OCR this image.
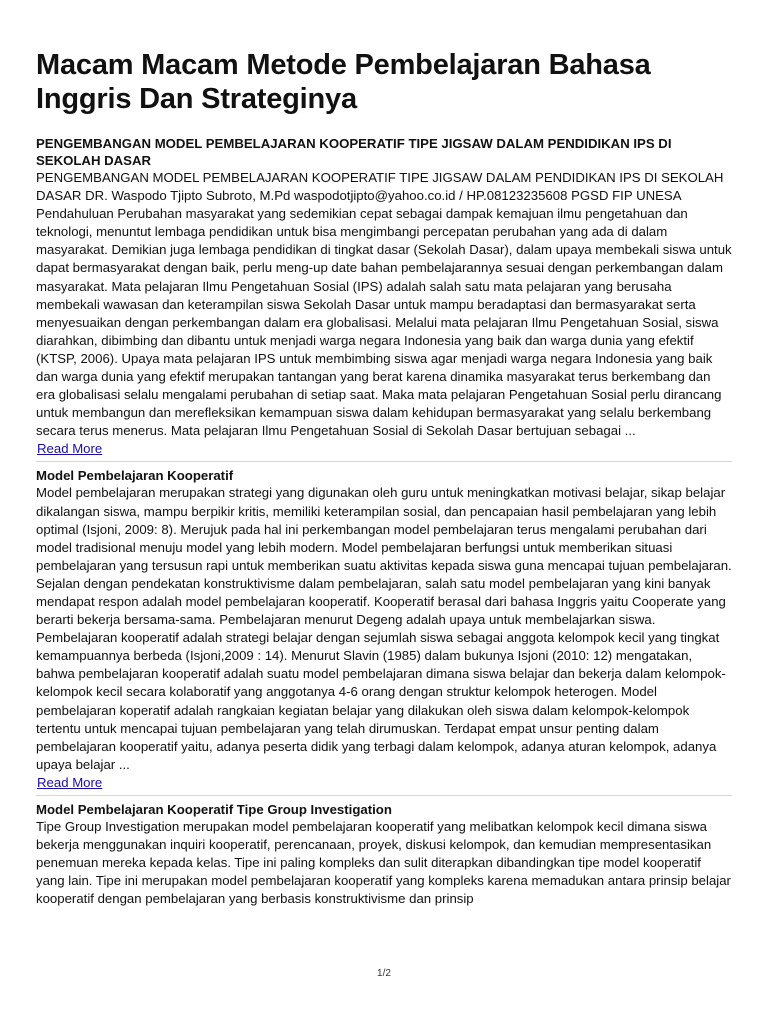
Macam Macam Metode Pembelajaran Bahasa Inggris Dan Strateginya
PENGEMBANGAN MODEL PEMBELAJARAN KOOPERATIF TIPE JIGSAW DALAM PENDIDIKAN IPS DI SEKOLAH DASAR
PENGEMBANGAN MODEL PEMBELAJARAN KOOPERATIF TIPE JIGSAW DALAM PENDIDIKAN IPS DI SEKOLAH DASAR DR. Waspodo Tjipto Subroto, M.Pd waspodotjipto@yahoo.co.id / HP.08123235608 PGSD FIP UNESA Pendahuluan Perubahan masyarakat yang sedemikian cepat sebagai dampak kemajuan ilmu pengetahuan dan teknologi, menuntut lembaga pendidikan untuk bisa mengimbangi percepatan perubahan yang ada di dalam masyarakat. Demikian juga lembaga pendidikan di tingkat dasar (Sekolah Dasar), dalam upaya membekali siswa untuk dapat bermasyarakat dengan baik, perlu meng-up date bahan pembelajarannya sesuai dengan perkembangan dalam masyarakat. Mata pelajaran Ilmu Pengetahuan Sosial (IPS) adalah salah satu mata pelajaran yang berusaha membekali wawasan dan keterampilan siswa Sekolah Dasar untuk mampu beradaptasi dan bermasyarakat serta menyesuaikan dengan perkembangan dalam era globalisasi. Melalui mata pelajaran Ilmu Pengetahuan Sosial, siswa diarahkan, dibimbing dan dibantu untuk menjadi warga negara Indonesia yang baik dan warga dunia yang efektif (KTSP, 2006). Upaya mata pelajaran IPS untuk membimbing siswa agar menjadi warga negara Indonesia yang baik dan warga dunia yang efektif merupakan tantangan yang berat karena dinamika masyarakat terus berkembang dan era globalisasi selalu mengalami perubahan di setiap saat. Maka mata pelajaran Pengetahuan Sosial perlu dirancang untuk membangun dan merefleksikan kemampuan siswa dalam kehidupan bermasyarakat yang selalu berkembang secara terus menerus. Mata pelajaran Ilmu Pengetahuan Sosial di Sekolah Dasar bertujuan sebagai ...
Read More
Model Pembelajaran Kooperatif
Model pembelajaran merupakan strategi yang digunakan oleh guru untuk meningkatkan motivasi belajar, sikap belajar dikalangan siswa, mampu berpikir kritis, memiliki keterampilan sosial, dan pencapaian hasil pembelajaran yang lebih optimal (Isjoni, 2009: 8). Merujuk pada hal ini perkembangan model pembelajaran terus mengalami perubahan dari model tradisional menuju model yang lebih modern. Model pembelajaran berfungsi untuk memberikan situasi pembelajaran yang tersusun rapi untuk memberikan suatu aktivitas kepada siswa guna mencapai tujuan pembelajaran. Sejalan dengan pendekatan konstruktivisme dalam pembelajaran, salah satu model pembelajaran yang kini banyak mendapat respon adalah model pembelajaran kooperatif. Kooperatif berasal dari bahasa Inggris yaitu Cooperate yang berarti bekerja bersama-sama. Pembelajaran menurut Degeng adalah upaya untuk membelajarkan siswa. Pembelajaran kooperatif adalah strategi belajar dengan sejumlah siswa sebagai anggota kelompok kecil yang tingkat kemampuannya berbeda (Isjoni,2009 : 14). Menurut Slavin (1985) dalam bukunya Isjoni (2010: 12) mengatakan, bahwa pembelajaran kooperatif adalah suatu model pembelajaran dimana siswa belajar dan bekerja dalam kelompok-kelompok kecil secara kolaboratif yang anggotanya 4-6 orang dengan struktur kelompok heterogen. Model pembelajaran koperatif adalah rangkaian kegiatan belajar yang dilakukan oleh siswa dalam kelompok-kelompok tertentu untuk mencapai tujuan pembelajaran yang telah dirumuskan. Terdapat empat unsur penting dalam pembelajaran kooperatif yaitu, adanya peserta didik yang terbagi dalam kelompok, adanya aturan kelompok, adanya upaya belajar ...
Read More
Model Pembelajaran Kooperatif Tipe Group Investigation
Tipe Group Investigation merupakan model pembelajaran kooperatif yang melibatkan kelompok kecil dimana siswa bekerja menggunakan inquiri kooperatif, perencanaan, proyek, diskusi kelompok, dan kemudian mempresentasikan penemuan mereka kepada kelas. Tipe ini paling kompleks dan sulit diterapkan dibandingkan tipe model kooperatif yang lain. Tipe ini merupakan model pembelajaran kooperatif yang kompleks karena memadukan antara prinsip belajar kooperatif dengan pembelajaran yang berbasis konstruktivisme dan prinsip
1/2
